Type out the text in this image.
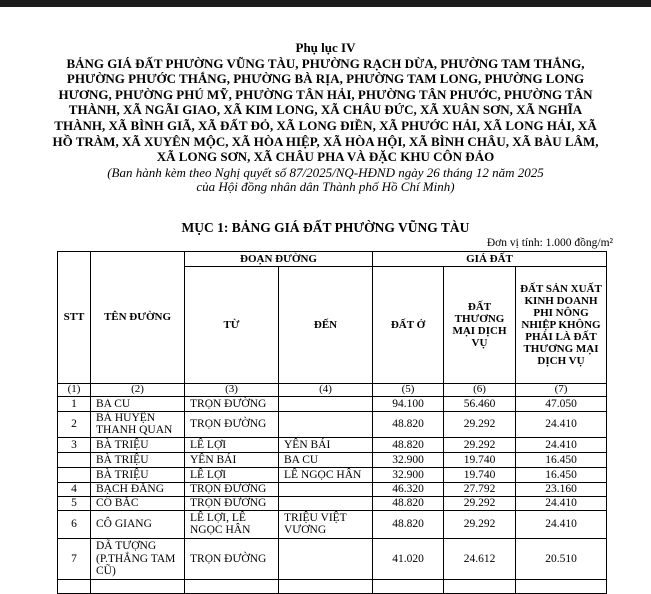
Phụ lục IV
BẢNG GIÁ ĐẤT PHƯỜNG VŨNG TÀU, PHƯỜNG RẠCH DỪA, PHƯỜNG TAM THẮNG,
PHƯỜNG PHƯỚC THẮNG, PHƯỜNG BÀ RỊA, PHƯỜNG TAM LONG, PHƯỜNG LONG
HƯƠNG, PHƯỜNG PHÚ MỸ, PHƯỜNG TÂN HẢI, PHƯỜNG TÂN PHƯỚC, PHƯỜNG TÂN
THÀNH, XÃ NGÃI GIAO, XÃ KIM LONG, XÃ CHÂU ĐỨC, XÃ XUÂN SƠN, XÃ NGHĨA
THÀNH, XÃ BÌNH GIÃ, XÃ ĐẤT ĐỎ, XÃ LONG ĐIỀN, XÃ PHƯỚC HẢI, XÃ LONG HẢI, XÃ
HỒ TRÀM, XÃ XUYÊN MỘC, XÃ HÒA HIỆP, XÃ HÒA HỘI, XÃ BÌNH CHÂU, XÃ BÀU LÂM,
XÃ LONG SƠN, XÃ CHÂU PHA VÀ ĐẶC KHU CÔN ĐẢO
(Ban hành kèm theo Nghị quyết số 87/2025/NQ-HĐND ngày 26 tháng 12 năm 2025
của Hội đồng nhân dân Thành phố Hồ Chí Minh)
MỤC 1: BẢNG GIÁ ĐẤT PHƯỜNG VŨNG TÀU
Đơn vị tính: 1.000 đồng/m²
STT	TÊN ĐƯỜNG	ĐOẠN ĐƯỜNG		GIÁ ĐẤT		
		TỪ	ĐẾN	ĐẤT Ở	ĐẤT THƯƠNG MẠI DỊCH VỤ	ĐẤT SẢN XUẤT KINH DOANH PHI NÔNG NHIỆP KHÔNG PHẢI LÀ ĐẤT THƯƠNG MẠI DỊCH VỤ
(1)	(2)	(3)	(4)	(5)	(6)	(7)
1	BA CU	TRỌN ĐƯỜNG		94.100	56.460	47.050
2	BÀ HUYỆN THANH QUAN	TRỌN ĐƯỜNG		48.820	29.292	24.410
3	BÀ TRIỆU	LÊ LỢI	YÊN BÁI	48.820	29.292	24.410
	BÀ TRIỆU	YÊN BÁI	BA CU	32.900	19.740	16.450
	BÀ TRIỆU	LÊ LỢI	LÊ NGỌC HÂN	32.900	19.740	16.450
4	BẠCH ĐẰNG	TRỌN ĐƯỜNG		46.320	27.792	23.160
5	CÔ BẮC	TRỌN ĐƯỜNG		48.820	29.292	24.410
6	CÔ GIANG	LÊ LỢI, LÊ NGỌC HÂN	TRIỆU VIỆT VƯƠNG	48.820	29.292	24.410
7	DÃ TƯỢNG (P.THẮNG TAM CŨ)	TRỌN ĐƯỜNG		41.020	24.612	20.510
